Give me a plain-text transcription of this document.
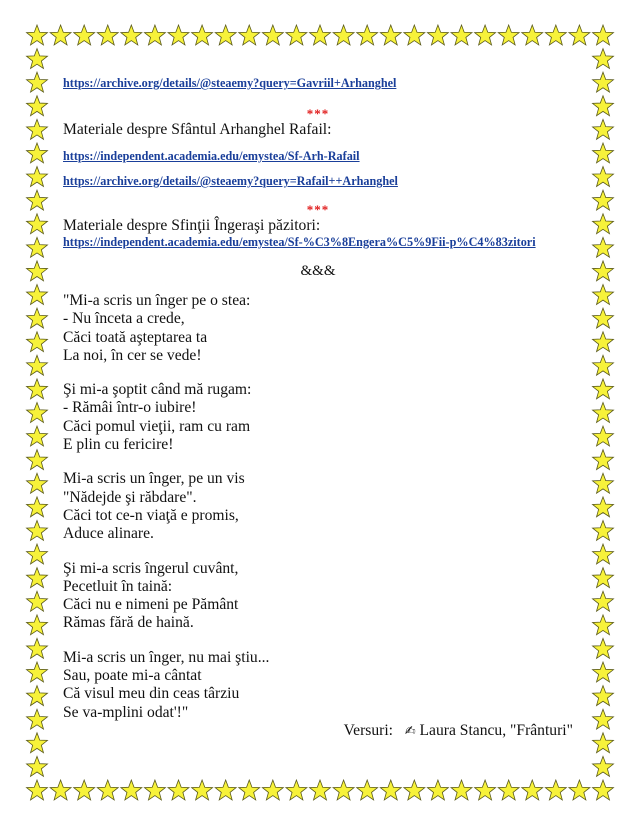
https://archive.org/details/@steaemy?query=Gavriil+Arhanghel
***
Materiale despre Sfântul Arhanghel Rafail:
https://independent.academia.edu/emystea/Sf-Arh-Rafail
https://archive.org/details/@steaemy?query=Rafail++Arhanghel
***
Materiale despre Sfinţii Îngeraşi păzitori:
https://independent.academia.edu/emystea/Sf-%C3%8Engera%C5%9Fii-p%C4%83zitori
&&&
"Mi-a scris un înger pe o stea:
- Nu înceta a crede,
Căci toată aşteptarea ta
La noi, în cer se vede!
Şi mi-a şoptit când mă rugam:
- Rămâi într-o iubire!
Căci pomul vieţii, ram cu ram
E plin cu fericire!
Mi-a scris un înger, pe un vis
"Nădejde şi răbdare".
Căci tot ce-n viaţă e promis,
Aduce alinare.
Şi mi-a scris îngerul cuvânt,
Pecetluit în taină:
Căci nu e nimeni pe Pământ
Rămas fără de haină.
Mi-a scris un înger, nu mai ştiu...
Sau, poate mi-a cântat
Că visul meu din ceas târziu
Se va-mplini odat'!"
Versuri: ✍ Laura Stancu, "Frânturi"
